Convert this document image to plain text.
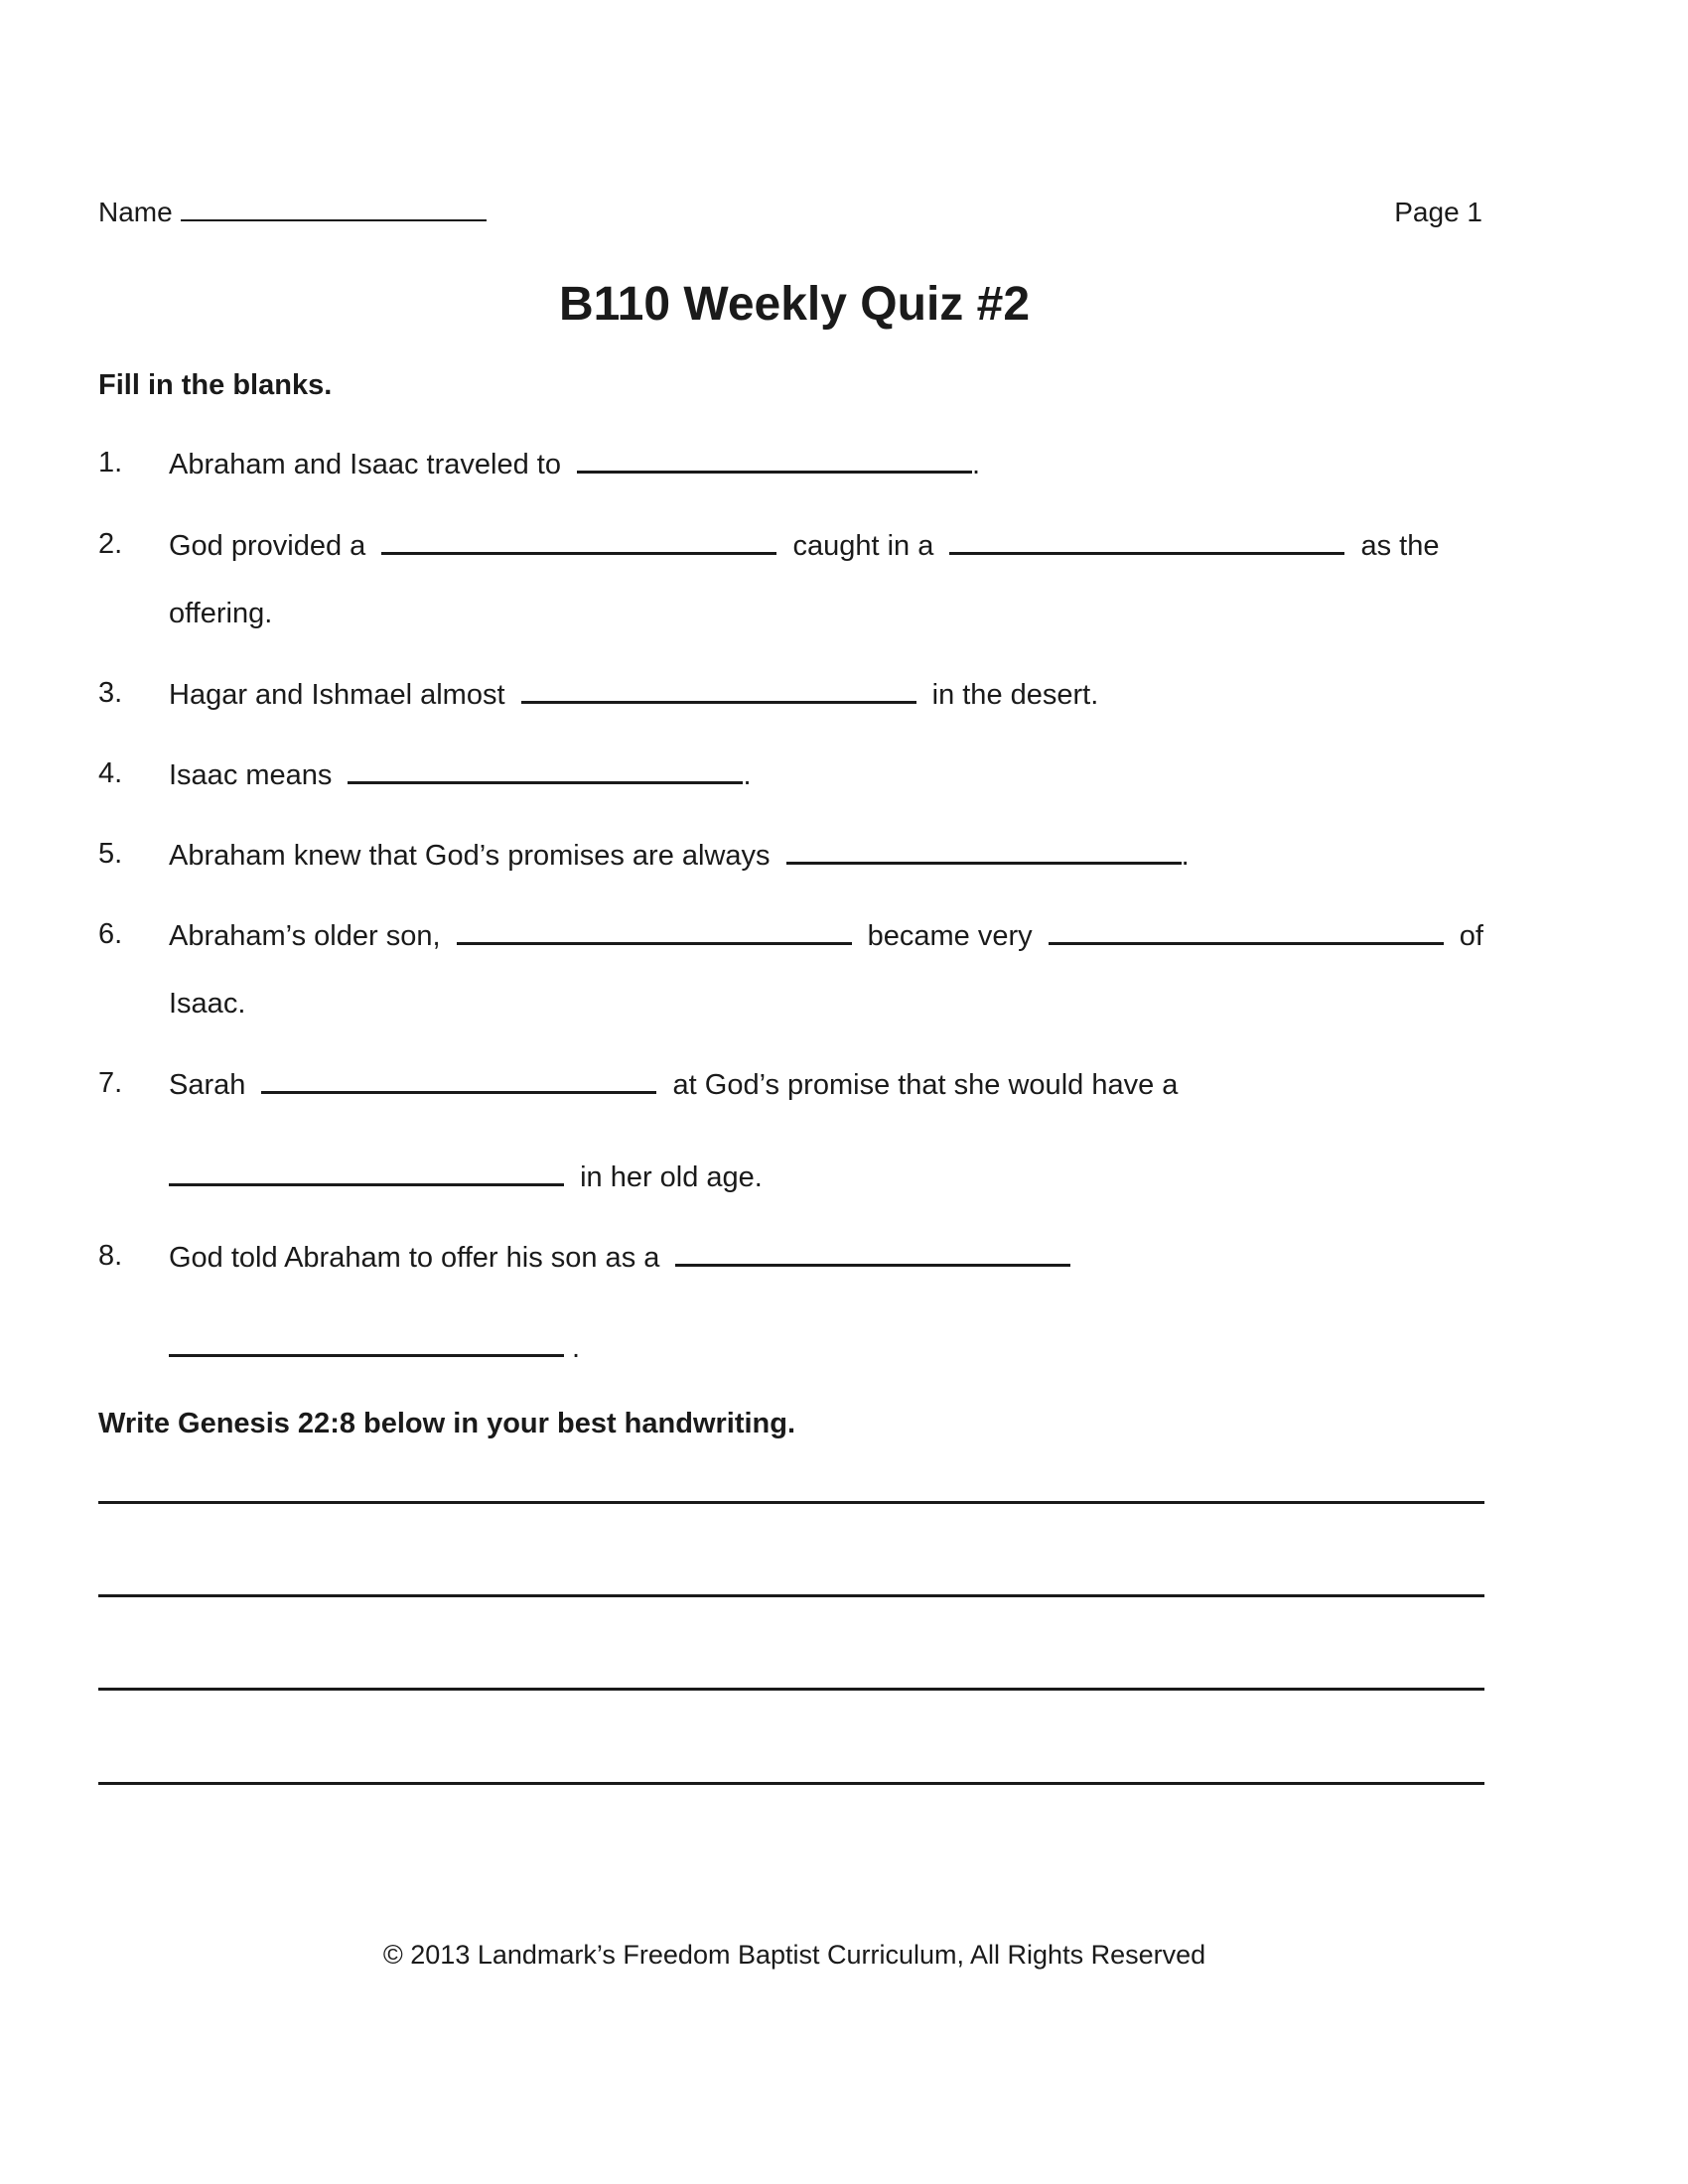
Name	Page 1
B110 Weekly Quiz #2
Fill in the blanks.
1. Abraham and Isaac traveled to	.
2. God provided a	caught in a	as the
offering.
3. Hagar and Ishmael almost	in the desert.
4. Isaac means	.
5. Abraham knew that God’s promises are always	.
6. Abraham’s older son,	became very	of
Isaac.
7. Sarah	at God’s promise that she would have a
in her old age.
8. God told Abraham to offer his son as a
.
Write Genesis 22:8 below in your best handwriting.
© 2013 Landmark’s Freedom Baptist Curriculum, All Rights Reserved
